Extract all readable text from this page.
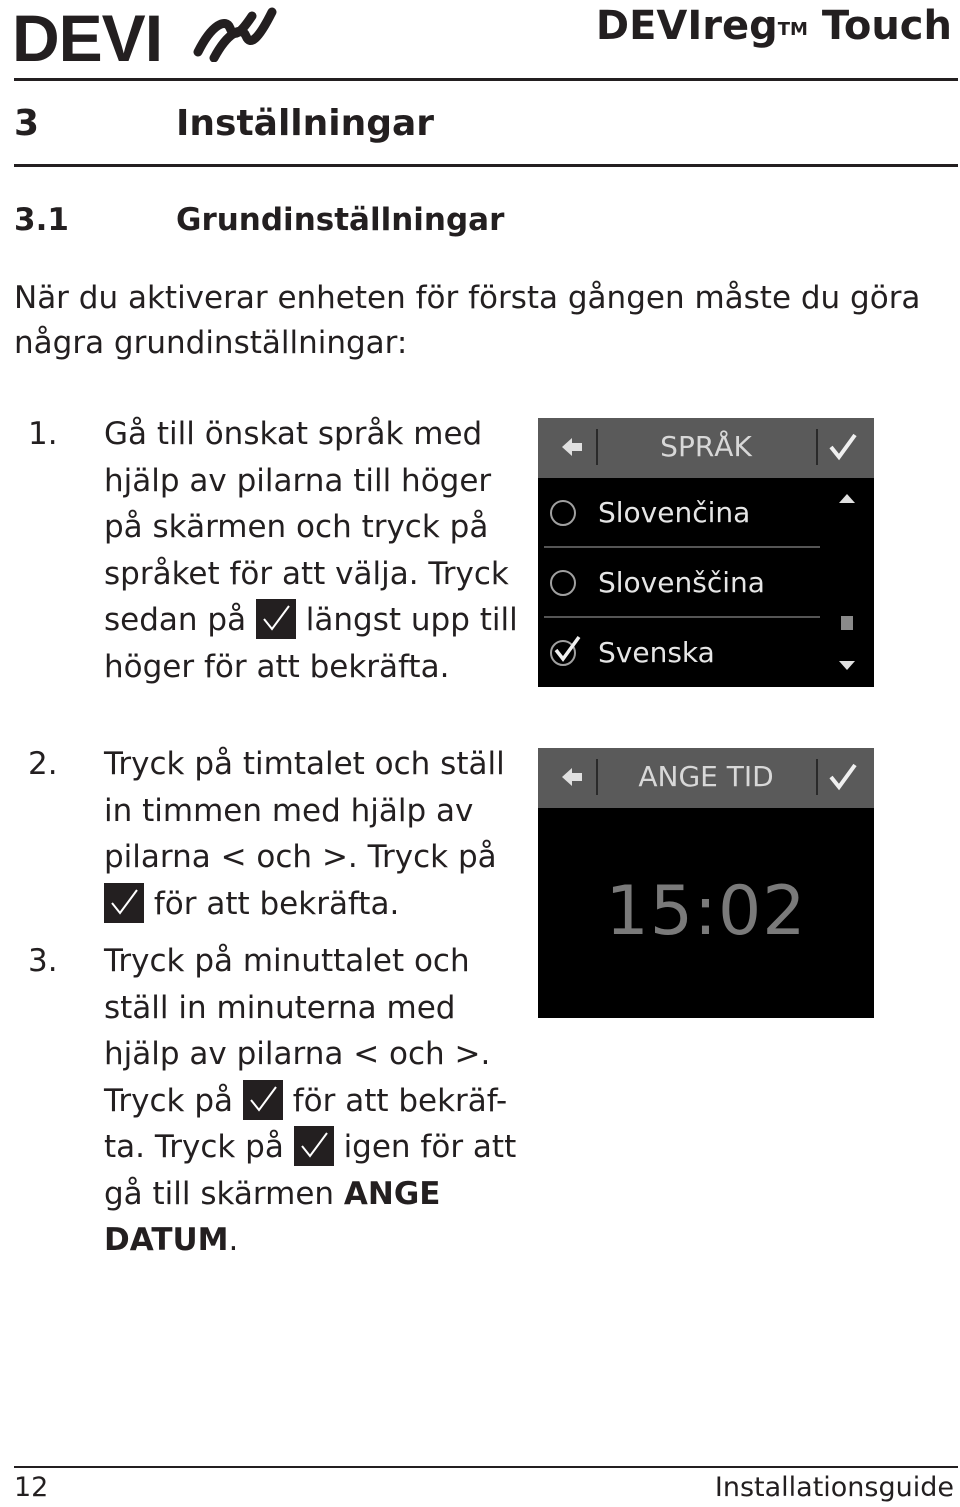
DEVI	DEVIreg™ Touch
3	Inställningar
3.1	Grundinställningar
När du aktiverar enheten för första gången måste du göra några grundinställningar:
1. Gå till önskat språk med hjälp av pilarna till höger på skärmen och tryck på språket för att välja. Tryck sedan på
längst upp till höger för att bekräfta.
SPRÅK
Slovenčina
Slovenščina
Svenska
2. Tryck på timtalet och ställ in timmen med hjälp av pilarna < och >. Tryck på
för att bekräfta.
ANGE TID
15:02
3. Tryck på minuttalet och ställ in minuterna med hjälp av pilarna < och >. Tryck på
för att bekräf-ta. Tryck på
igen för att gå till skärmen ANGE DATUM.
12	Installationsguide
